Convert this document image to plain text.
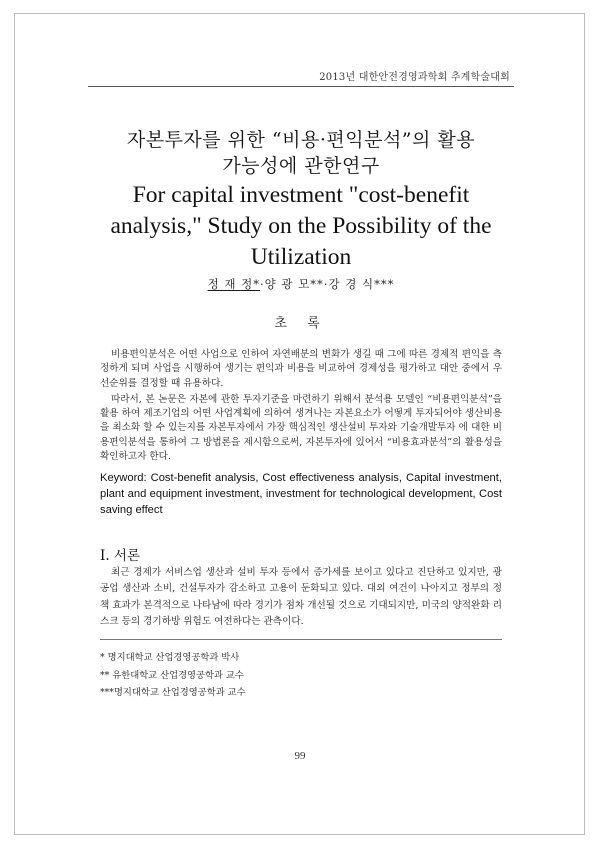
2013년 대한안전경영과학회 추계학술대회
자본투자를 위한 “비용·편익분석”의 활용
가능성에 관한연구
For capital investment "cost-benefit
analysis," Study on the Possibility of the
Utilization
정 재 정*·양 광 모**·강 경 식***
초 록

비용편익분석은 어떤 사업으로 인하여 자연배분의 변화가 생길 때 그에 따른 경제적 편익을 측정하게 되며 사업을 시행하여 생기는 편익과 비용을 비교하여 경제성을 평가하고 대안 중에서 우선순위를 결정할 때 유용하다.

따라서, 본 논문은 자본에 관한 투자기준을 마련하기 위해서 분석용 모델인 “비용편익분석”을 활용 하여 제조기업의 어떤 사업계획에 의하여 생겨나는 자본요소가 어떻게 투자되어야 생산비용을 최소화 할 수 있는지를 자본투자에서 가장 핵심적인 생산설비 투자와 기술개발투자 에 대한 비용편익분석을 통하여 그 방법론을 제시함으로써, 자본투자에 있어서 “비용효과분석”의 활용성을 확인하고자 한다.

Keyword: Cost-benefit analysis, Cost effectiveness analysis, Capital investment, plant and equipment investment, investment for technological development, Cost saving effect
Ⅰ. 서론

최근 경제가 서비스업 생산과 설비 투자 등에서 증가세를 보이고 있다고 진단하고 있지만, 광공업 생산과 소비, 건설투자가 감소하고 고용이 둔화되고 있다. 대외 여건이 나아지고 정부의 정책 효과가 본격적으로 나타남에 따라 경기가 점차 개선될 것으로 기대되지만, 미국의 양적완화 리스크 등의 경기하방 위험도 여전하다는 관측이다.

* 명지대학교 산업경영공학과 박사
** 유한대학교 산업경영공학과 교수
***명지대학교 산업경영공학과 교수
99
